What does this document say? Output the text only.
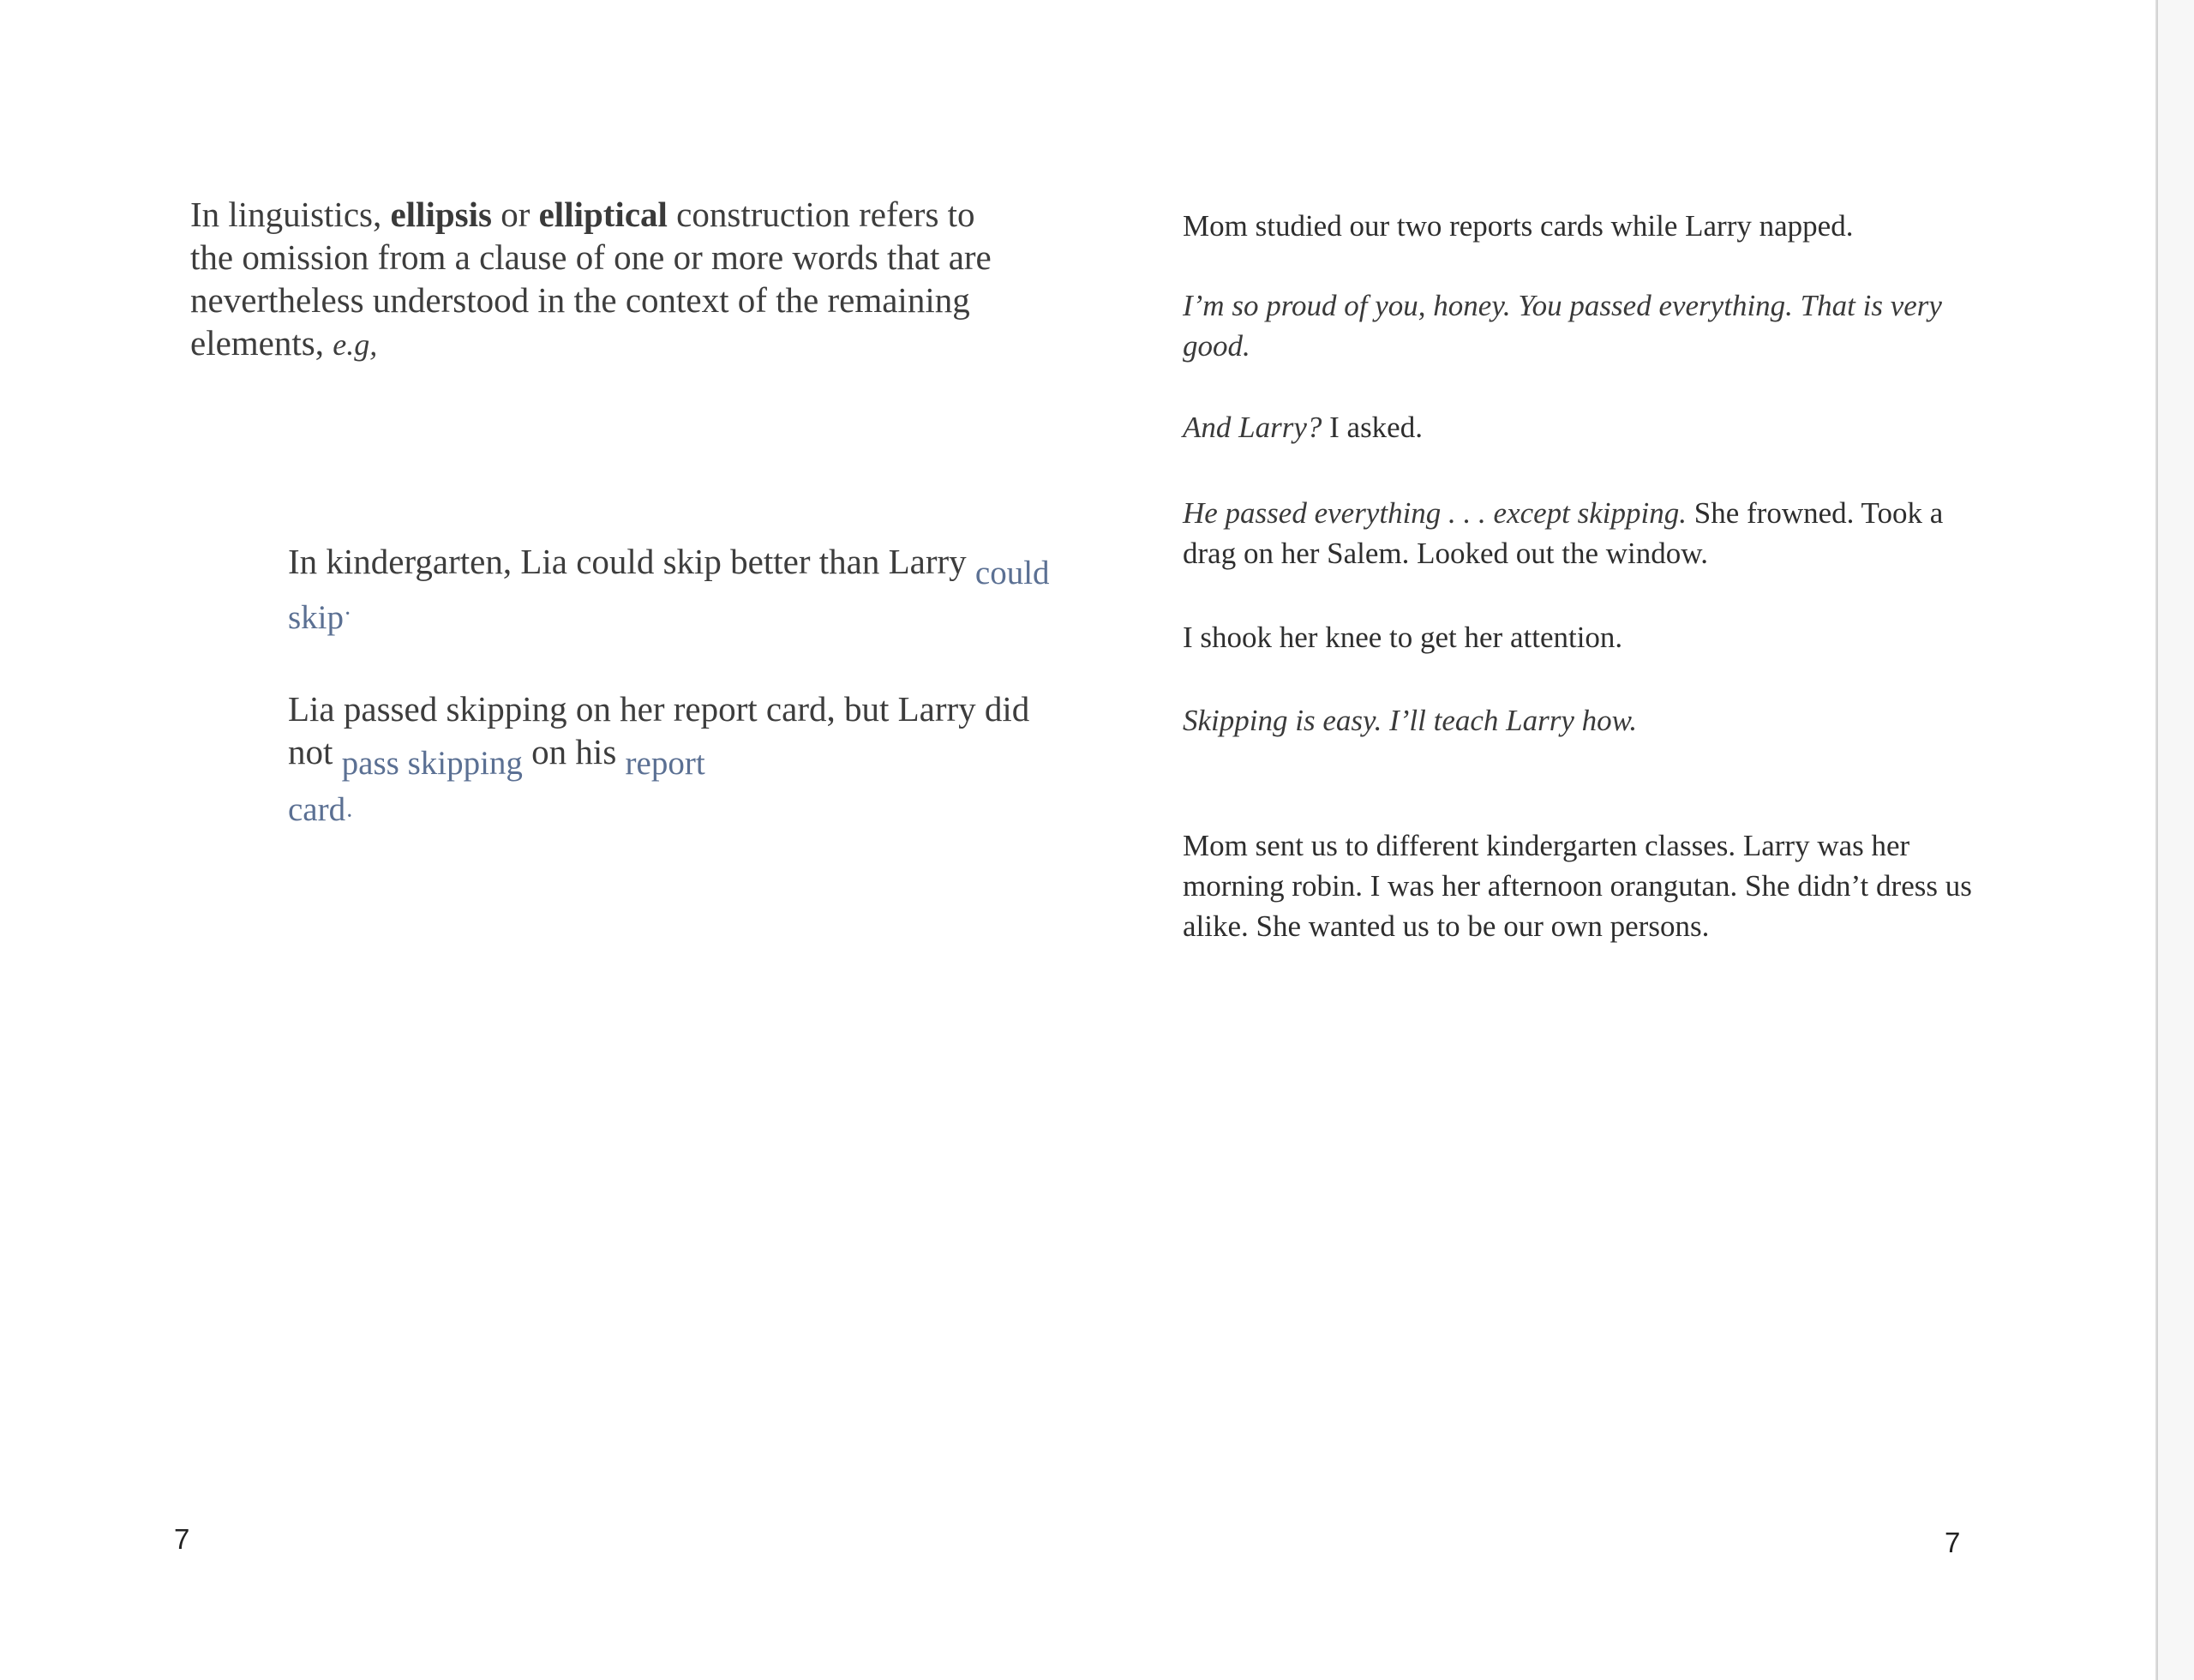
In linguistics, ellipsis or elliptical construction refers to the omission from a clause of one or more words that are nevertheless understood in the context of the remaining elements, e.g,
In kindergarten, Lia could skip better than Larry could skip·
Lia passed skipping on her report card, but Larry did not pass skipping on his report
card·
7
Mom studied our two reports cards while Larry napped.
I’m so proud of you, honey. You passed everything. That is very good.
And Larry? I asked.
He passed everything . . . except skipping. She frowned. Took a drag on her Salem. Looked out the window.
I shook her knee to get her attention.
Skipping is easy. I’ll teach Larry how.
Mom sent us to different kindergarten classes. Larry was her morning robin. I was her afternoon orangutan. She didn’t dress us alike. She wanted us to be our own persons.
7
